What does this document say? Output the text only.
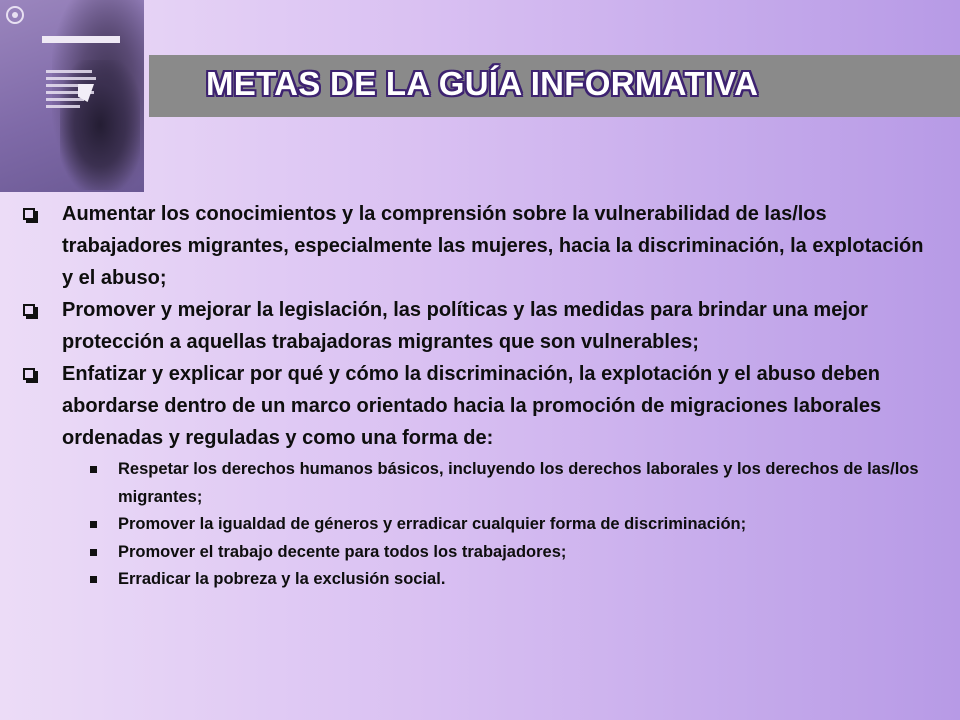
METAS DE LA GUÍA INFORMATIVA
Aumentar los conocimientos y la comprensión sobre la vulnerabilidad de las/los trabajadores migrantes, especialmente las mujeres, hacia la discriminación, la explotación y el abuso;
Promover y mejorar la legislación, las políticas y las medidas para brindar una mejor protección a aquellas trabajadoras migrantes que son vulnerables;
Enfatizar y explicar por qué y cómo la discriminación, la explotación y el abuso deben abordarse dentro de un marco orientado hacia la promoción de migraciones laborales ordenadas y reguladas y como una forma de:
Respetar los derechos humanos básicos, incluyendo los derechos laborales y los derechos de las/los migrantes;
Promover la igualdad de géneros y erradicar cualquier forma de discriminación;
Promover el trabajo decente para todos los trabajadores;
Erradicar la pobreza y la exclusión social.
